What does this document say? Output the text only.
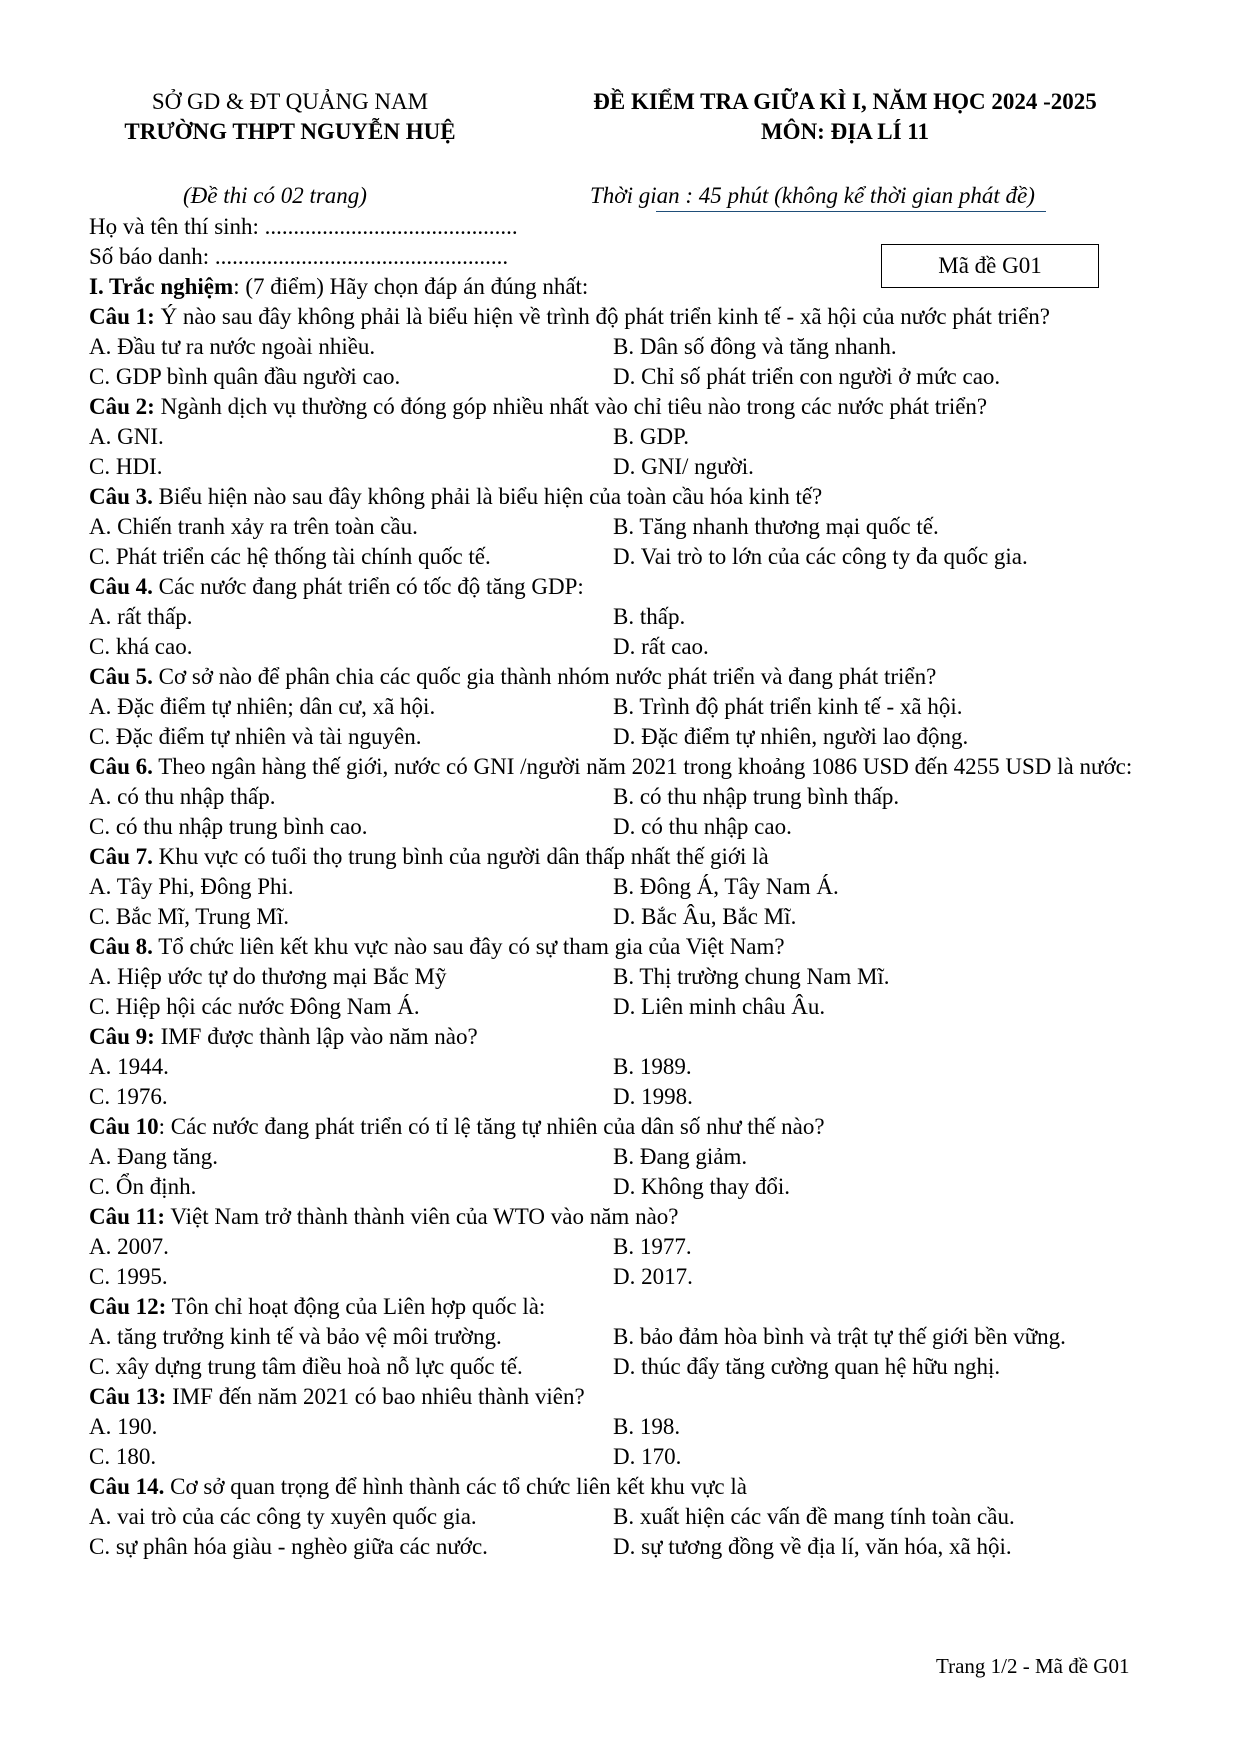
SỞ GD & ĐT QUẢNG NAM
TRƯỜNG THPT NGUYỄN HUỆ
ĐỀ KIỂM TRA GIỮA KÌ I, NĂM HỌC 2024 -2025
MÔN: ĐỊA LÍ 11
(Đề thi có 02 trang)	Thời gian : 45 phút (không kể thời gian phát đề)
Họ và tên thí sinh: ............................................
Số báo danh: ...................................................	Mã đề G01
I. Trắc nghiệm: (7 điểm) Hãy chọn đáp án đúng nhất:
Câu 1: Ý nào sau đây không phải là biểu hiện về trình độ phát triển kinh tế - xã hội của nước phát triển?
A. Đầu tư ra nước ngoài nhiều.	B. Dân số đông và tăng nhanh.
C. GDP bình quân đầu người cao.	D. Chỉ số phát triển con người ở mức cao.
Câu 2: Ngành dịch vụ thường có đóng góp nhiều nhất vào chỉ tiêu nào trong các nước phát triển?
A. GNI.	B. GDP.
C. HDI.	D. GNI/ người.
Câu 3. Biểu hiện nào sau đây không phải là biểu hiện của toàn cầu hóa kinh tế?
A. Chiến tranh xảy ra trên toàn cầu.	B. Tăng nhanh thương mại quốc tế.
C. Phát triển các hệ thống tài chính quốc tế.	D. Vai trò to lớn của các công ty đa quốc gia.
Câu 4. Các nước đang phát triển có tốc độ tăng GDP:
A. rất thấp.	B. thấp.
C. khá cao.	D. rất cao.
Câu 5. Cơ sở nào để phân chia các quốc gia thành nhóm nước phát triển và đang phát triển?
A. Đặc điểm tự nhiên; dân cư, xã hội.	B. Trình độ phát triển kinh tế - xã hội.
C. Đặc điểm tự nhiên và tài nguyên.	D. Đặc điểm tự nhiên, người lao động.
Câu 6. Theo ngân hàng thế giới, nước có GNI /người năm 2021 trong khoảng 1086 USD đến 4255 USD là nước:
A. có thu nhập thấp.	B. có thu nhập trung bình thấp.
C. có thu nhập trung bình cao.	D. có thu nhập cao.
Câu 7. Khu vực có tuổi thọ trung bình của người dân thấp nhất thế giới là
A. Tây Phi, Đông Phi.	B. Đông Á, Tây Nam Á.
C. Bắc Mĩ, Trung Mĩ.	D. Bắc Âu, Bắc Mĩ.
Câu 8. Tổ chức liên kết khu vực nào sau đây có sự tham gia của Việt Nam?
A. Hiệp ước tự do thương mại Bắc Mỹ	B. Thị trường chung Nam Mĩ.
C. Hiệp hội các nước Đông Nam Á.	D. Liên minh châu Âu.
Câu 9: IMF được thành lập vào năm nào?
A. 1944.	B. 1989.
C. 1976.	D. 1998.
Câu 10: Các nước đang phát triển có tỉ lệ tăng tự nhiên của dân số như thế nào?
A. Đang tăng.	B. Đang giảm.
C. Ổn định.	D. Không thay đổi.
Câu 11: Việt Nam trở thành thành viên của WTO vào năm nào?
A. 2007.	B. 1977.
C. 1995.	D. 2017.
Câu 12: Tôn chỉ hoạt động của Liên hợp quốc là:
A. tăng trưởng kinh tế và bảo vệ môi trường.	B. bảo đảm hòa bình và trật tự thế giới bền vững.
C. xây dựng trung tâm điều hoà nỗ lực quốc tế.	D. thúc đẩy tăng cường quan hệ hữu nghị.
Câu 13: IMF đến năm 2021 có bao nhiêu thành viên?
A. 190.	B. 198.
C. 180.	D. 170.
Câu 14. Cơ sở quan trọng để hình thành các tổ chức liên kết khu vực là
A. vai trò của các công ty xuyên quốc gia.	B. xuất hiện các vấn đề mang tính toàn cầu.
C. sự phân hóa giàu - nghèo giữa các nước.	D. sự tương đồng về địa lí, văn hóa, xã hội.
Trang 1/2 - Mã đề G01
